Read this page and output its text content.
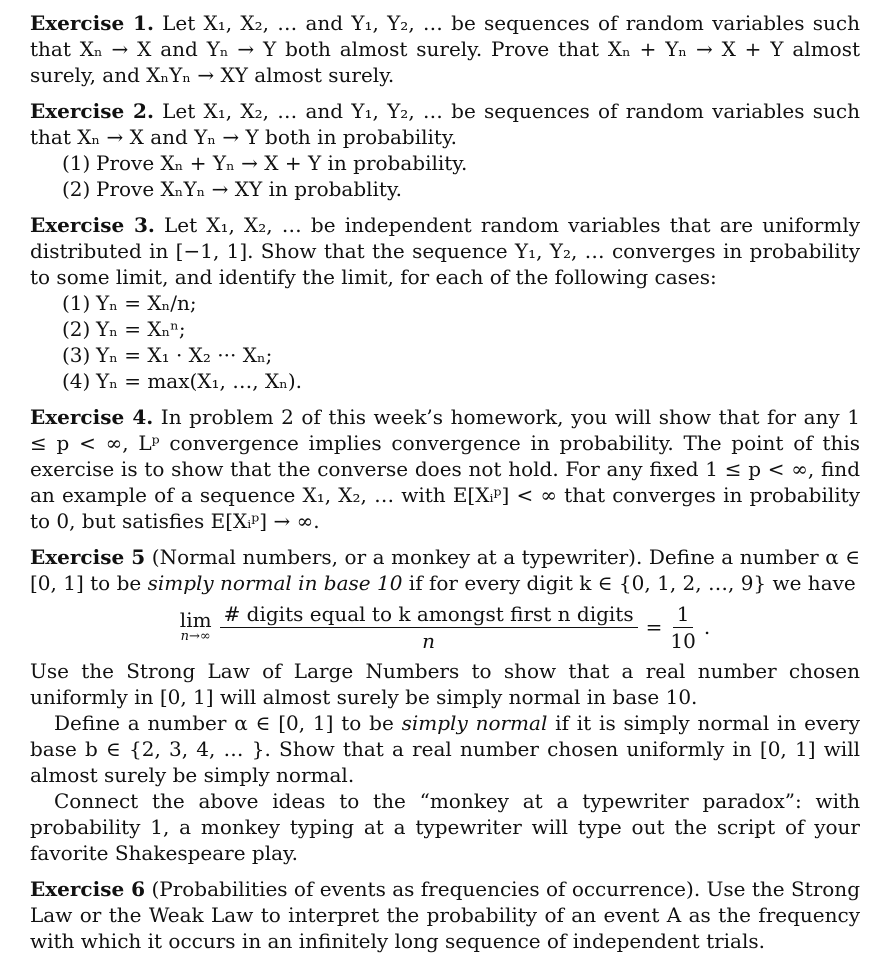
Exercise 1. Let X₁, X₂, … and Y₁, Y₂, … be sequences of random variables such that Xₙ → X and Yₙ → Y both almost surely. Prove that Xₙ + Yₙ → X + Y almost surely, and XₙYₙ → XY almost surely.

Exercise 2. Let X₁, X₂, … and Y₁, Y₂, … be sequences of random variables such that Xₙ → X and Yₙ → Y both in probability.

(1) Prove Xₙ + Yₙ → X + Y in probability.
(2) Prove XₙYₙ → XY in probablity.

Exercise 3. Let X₁, X₂, … be independent random variables that are uniformly distributed in [−1, 1]. Show that the sequence Y₁, Y₂, … converges in probability to some limit, and identify the limit, for each of the following cases:

(1) Yₙ = Xₙ/n;
(2) Yₙ = Xₙⁿ;
(3) Yₙ = X₁ · X₂ ··· Xₙ;
(4) Yₙ = max(X₁, …, Xₙ).

Exercise 4. In problem 2 of this week’s homework, you will show that for any 1 ≤ p < ∞, Lᵖ convergence implies convergence in probability. The point of this exercise is to show that the converse does not hold. For any fixed 1 ≤ p < ∞, find an example of a sequence X₁, X₂, … with E[Xᵢᵖ] < ∞ that converges in probability to 0, but satisfies E[Xᵢᵖ] → ∞.

Exercise 5 (Normal numbers, or a monkey at a typewriter). Define a number α ∈ [0, 1] to be simply normal in base 10 if for every digit k ∈ {0, 1, 2, …, 9} we have

lim
$n\to\infty \frac{\text{\# digits equal to k amongst first n digits}}{n} = \frac{1}{10}$ .

Use the Strong Law of Large Numbers to show that a real number chosen uniformly in [0, 1] will almost surely be simply normal in base 10.

Define a number α ∈ [0, 1] to be simply normal if it is simply normal in every base b ∈ {2, 3, 4, … }. Show that a real number chosen uniformly in [0, 1] will almost surely be simply normal.

Connect the above ideas to the “monkey at a typewriter paradox”: with probability 1, a monkey typing at a typewriter will type out the script of your favorite Shakespeare play.

Exercise 6 (Probabilities of events as frequencies of occurrence). Use the Strong Law or the Weak Law to interpret the probability of an event A as the frequency with which it occurs in an infinitely long sequence of independent trials.
